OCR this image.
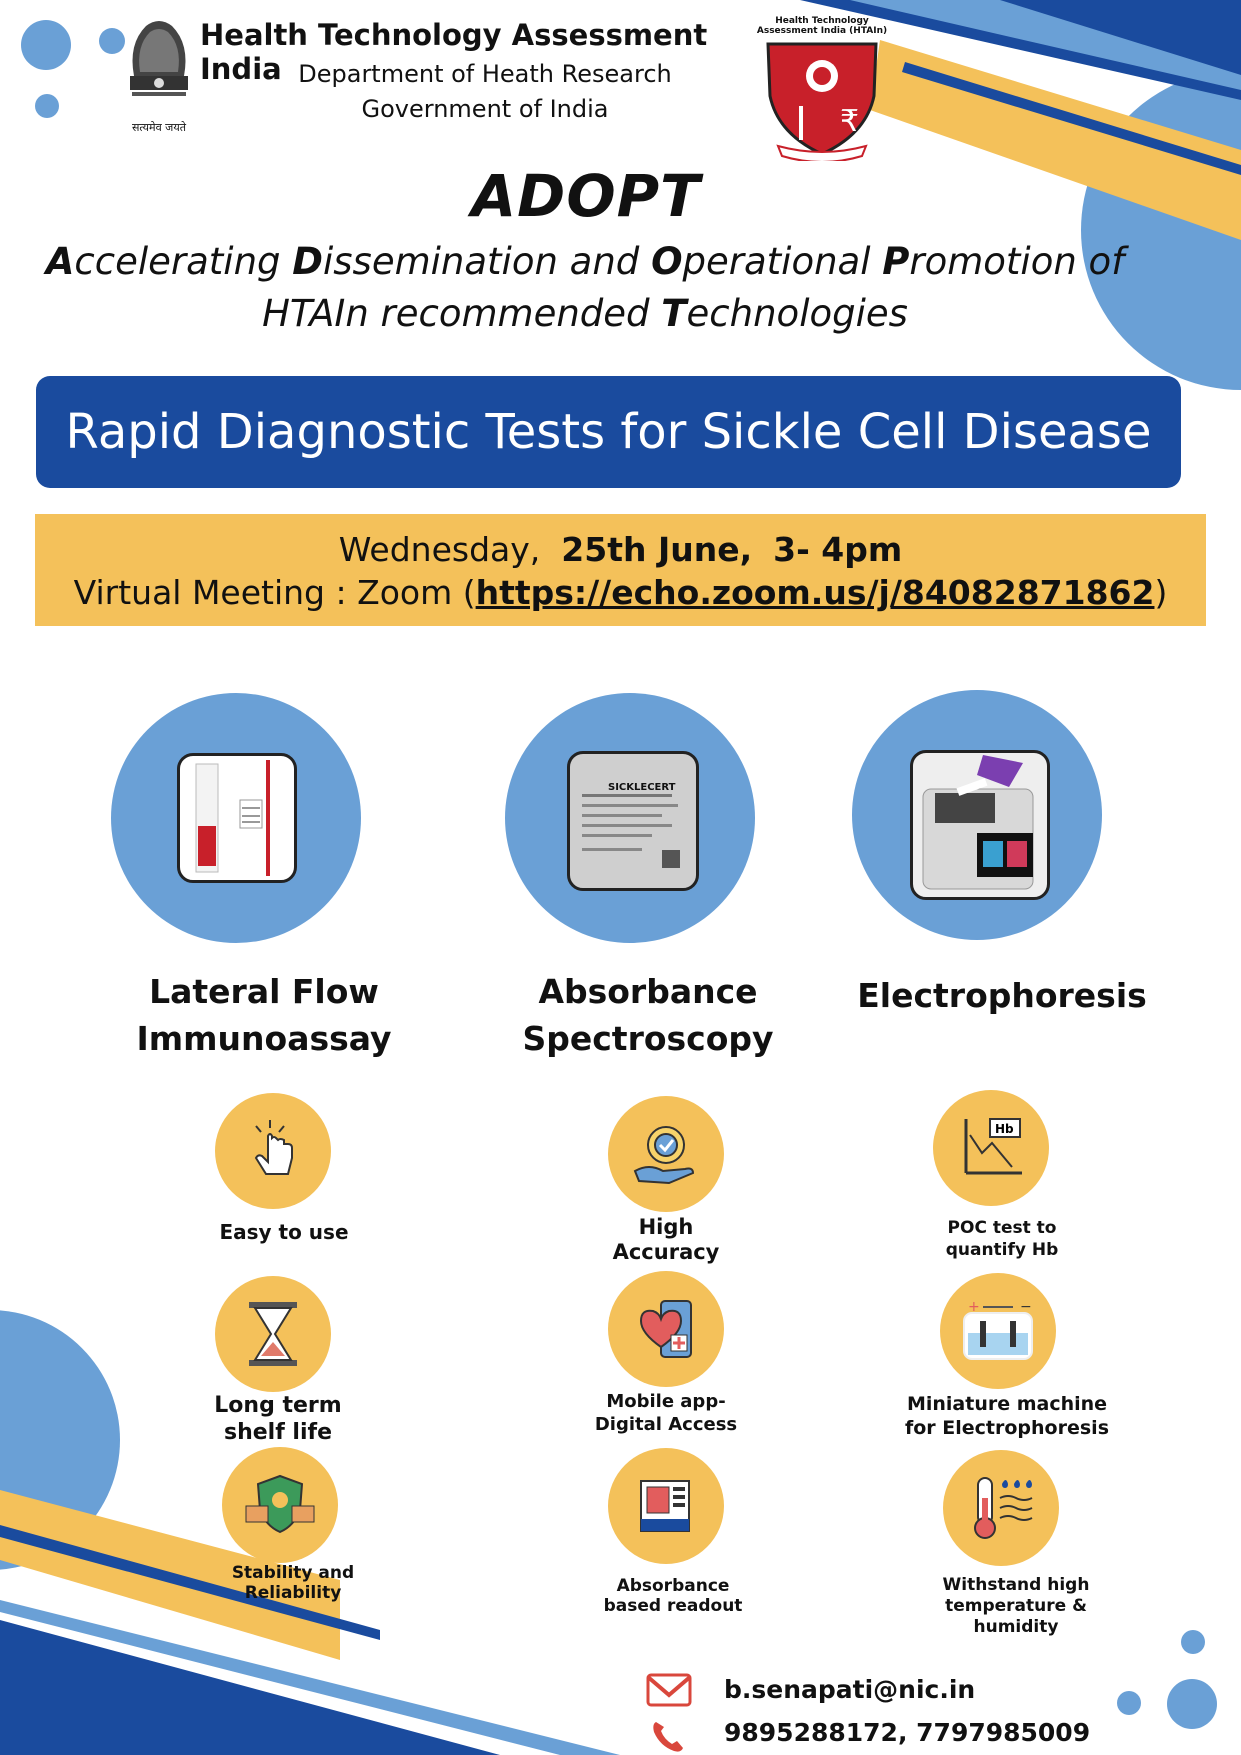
सत्यमेव जयते
Health Technology Assessment India Department of Heath Research
Government of India
Health Technology Assessment India (HTAIn)
₹
ADOPT
Accelerating Dissemination and Operational Promotion of
HTAIn recommended Technologies
Rapid Diagnostic Tests for Sickle Cell Disease
Wednesday, 25th June, 3- 4pm
Virtual Meeting : Zoom (https://echo.zoom.us/j/84082871862)
SICKLECERT
Lateral Flow
Immunoassay
Absorbance
Spectroscopy
Electrophoresis
Easy to use
Long term
shelf life
Stability and
Reliability
High
Accuracy
Mobile app-
Digital Access
Absorbance
based readout
Hb
POC test to
quantify Hb
+	−
Miniature machine
for Electrophoresis
Withstand high
temperature &
humidity
b.senapati@nic.in
9895288172, 7797985009
